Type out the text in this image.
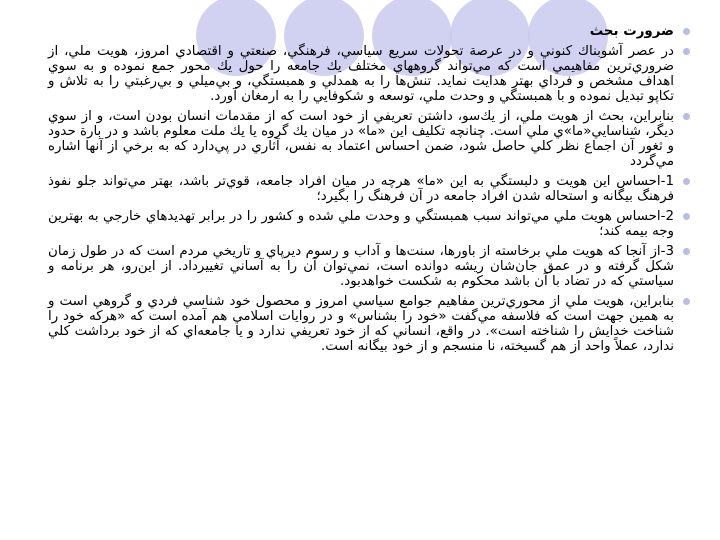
ضرورت بحث
در عصر آشوبناك كنوني و در عرصة تحولات سريع سياسي، فرهنگي، صنعتي و اقتصادي امروز، هويت ملي، از ضروري‌ترين مفاهيمي است كه مي‌تواند گروههاي مختلف يك جامعه را حول يك محور جمع نموده و به سوي اهداف مشخص و فرداي بهتر هدايت نمايد. تنش‌ها را به همدلي و همبستگي، و بي‌ميلي و بي‌رغبتي را به تلاش و تكاپو تبديل نموده و با همبستگي و وحدت ملي، توسعه و شكوفايي را به ارمغان آورد.
بنابراين، بحث از هويت ملي، از يك‌سو، داشتن تعريفي از خود است كه از مقدمات انسان بودن است، و از سوي ديگر، شناسايي«ما»ي ملي است. چنانچه تكليف اين «ما» در ميان يك گروه يا يك ملت معلوم باشد و در بارة حدود و ثغور آن اجماع نظر كلي حاصل شود، ضمن احساس اعتماد به نفس، آثاري در پي‌دارد كه به برخي از آنها اشاره مي‌گردد
1-احساس اين هويت و دلبستگي به اين «ما» هرچه در ميان افراد جامعه، قوي‌تر باشد، بهتر مي‌تواند جلو نفوذ فرهنگ بيگانه و استحاله شدن افراد جامعه در آن فرهنگ را بگيرد؛
2-احساس هويت ملي مي‌تواند سبب همبستگي و وحدت ملي شده و كشور را در برابر تهديدهاي خارجي به بهترين وجه بيمه كند؛
3-از آنجا كه هويت ملي برخاسته از باورها، سنت‌ها و آداب و رسوم ديرپاي و تاريخي مردم است كه در طول زمان شكل گرفته و در عمق جان‌شان ريشه دوانده است، نمي‌توان آن را به آساني تغييرداد. از اين‌رو، هر برنامه و سياستي كه در تضاد با آن باشد محكوم به شكست خواهدبود.
بنابراين، هويت ملي از محوري‌ترين مفاهيم جوامع سياسي امروز و محصول خود شناسي فردي و گروهي است و به همين جهت است كه فلاسفه مي‌گفت «خود را بشناس» و در روايات اسلامي هم آمده است كه «هركه خود را شناخت خدايش را شناخته است». در واقع، انساني كه از خود تعريفي ندارد و يا جامعه‌اي كه از خود برداشت كلي ندارد، عملاً واحد از هم گسيخته، نا منسجم و از خود بيگانه است.
